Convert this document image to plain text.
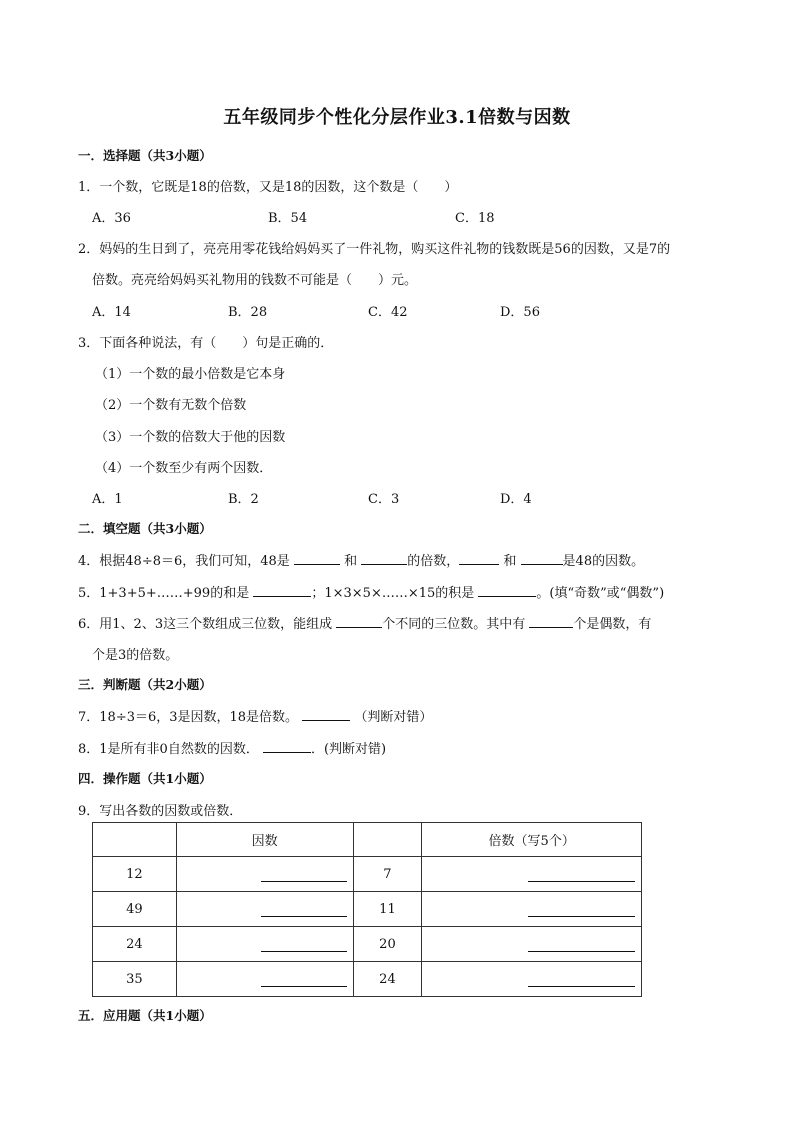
五年级同步个性化分层作业3.1倍数与因数
一．选择题（共3小题）
1．一个数，它既是18的倍数，又是18的因数，这个数是（　　）
A．36	B．54	C．18
2．妈妈的生日到了，亮亮用零花钱给妈妈买了一件礼物，购买这件礼物的钱数既是56的因数，又是7的
倍数。亮亮给妈妈买礼物用的钱数不可能是（　　）元。
A．14	B．28	C．42	D．56
3．下面各种说法，有（　　）句是正确的．
（1）一个数的最小倍数是它本身
（2）一个数有无数个倍数
（3）一个数的倍数大于他的因数
（4）一个数至少有两个因数．
A．1	B．2	C．3	D．4
二．填空题（共3小题）
4．根据48÷8＝6，我们可知，48是	和	的倍数，	和	是48的因数。
5．1+3+5+……+99的和是	；1×3×5×……×15的积是	。(填“奇数”或“偶数”)
6．用1、2、3这三个数组成三位数，能组成	个不同的三位数。其中有	个是偶数，有
个是3的倍数。
三．判断题（共2小题）
7．18÷3＝6，3是因数，18是倍数。	（判断对错）
8．1是所有非0自然数的因数．	．(判断对错)
四．操作题（共1小题）
9．写出各数的因数或倍数．
	因数		倍数（写5个）
12		7	

49		11	

24		20	

35		24	
五．应用题（共1小题）
